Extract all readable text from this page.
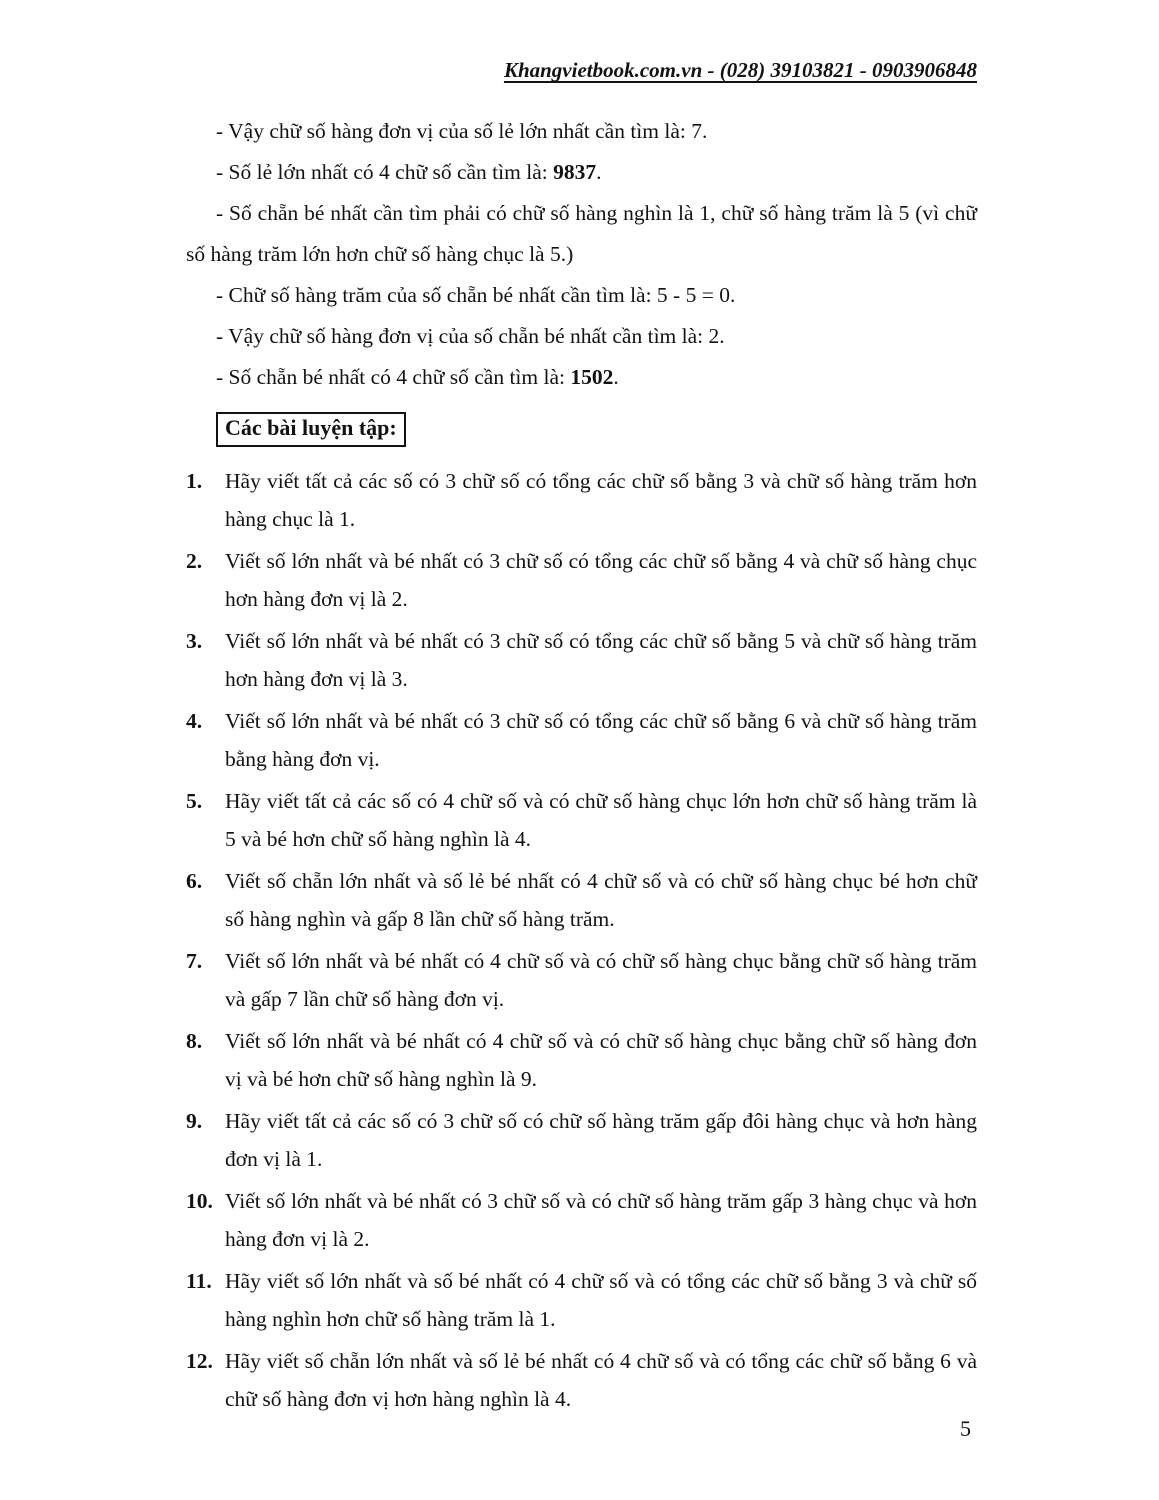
Khangvietbook.com.vn - (028) 39103821 - 0903906848

- Vậy chữ số hàng đơn vị của số lẻ lớn nhất cần tìm là: 7.

- Số lẻ lớn nhất có 4 chữ số cần tìm là: 9837.

- Số chẵn bé nhất cần tìm phải có chữ số hàng nghìn là 1, chữ số hàng trăm là 5 (vì chữ số hàng trăm lớn hơn chữ số hàng chục là 5.)

- Chữ số hàng trăm của số chẵn bé nhất cần tìm là: 5 - 5 = 0.

- Vậy chữ số hàng đơn vị của số chẵn bé nhất cần tìm là: 2.

- Số chẵn bé nhất có 4 chữ số cần tìm là: 1502.

Các bài luyện tập:
1. Hãy viết tất cả các số có 3 chữ số có tổng các chữ số bằng 3 và chữ số hàng trăm hơn hàng chục là 1.
2. Viết số lớn nhất và bé nhất có 3 chữ số có tổng các chữ số bằng 4 và chữ số hàng chục hơn hàng đơn vị là 2.
3. Viết số lớn nhất và bé nhất có 3 chữ số có tổng các chữ số bằng 5 và chữ số hàng trăm hơn hàng đơn vị là 3.
4. Viết số lớn nhất và bé nhất có 3 chữ số có tổng các chữ số bằng 6 và chữ số hàng trăm bằng hàng đơn vị.
5. Hãy viết tất cả các số có 4 chữ số và có chữ số hàng chục lớn hơn chữ số hàng trăm là 5 và bé hơn chữ số hàng nghìn là 4.
6. Viết số chẵn lớn nhất và số lẻ bé nhất có 4 chữ số và có chữ số hàng chục bé hơn chữ số hàng nghìn và gấp 8 lần chữ số hàng trăm.
7. Viết số lớn nhất và bé nhất có 4 chữ số và có chữ số hàng chục bằng chữ số hàng trăm và gấp 7 lần chữ số hàng đơn vị.
8. Viết số lớn nhất và bé nhất có 4 chữ số và có chữ số hàng chục bằng chữ số hàng đơn vị và bé hơn chữ số hàng nghìn là 9.
9. Hãy viết tất cả các số có 3 chữ số có chữ số hàng trăm gấp đôi hàng chục và hơn hàng đơn vị là 1.
10. Viết số lớn nhất và bé nhất có 3 chữ số và có chữ số hàng trăm gấp 3 hàng chục và hơn hàng đơn vị là 2.
11. Hãy viết số lớn nhất và số bé nhất có 4 chữ số và có tổng các chữ số bằng 3 và chữ số hàng nghìn hơn chữ số hàng trăm là 1.
12. Hãy viết số chẵn lớn nhất và số lẻ bé nhất có 4 chữ số và có tổng các chữ số bằng 6 và chữ số hàng đơn vị hơn hàng nghìn là 4.
5
